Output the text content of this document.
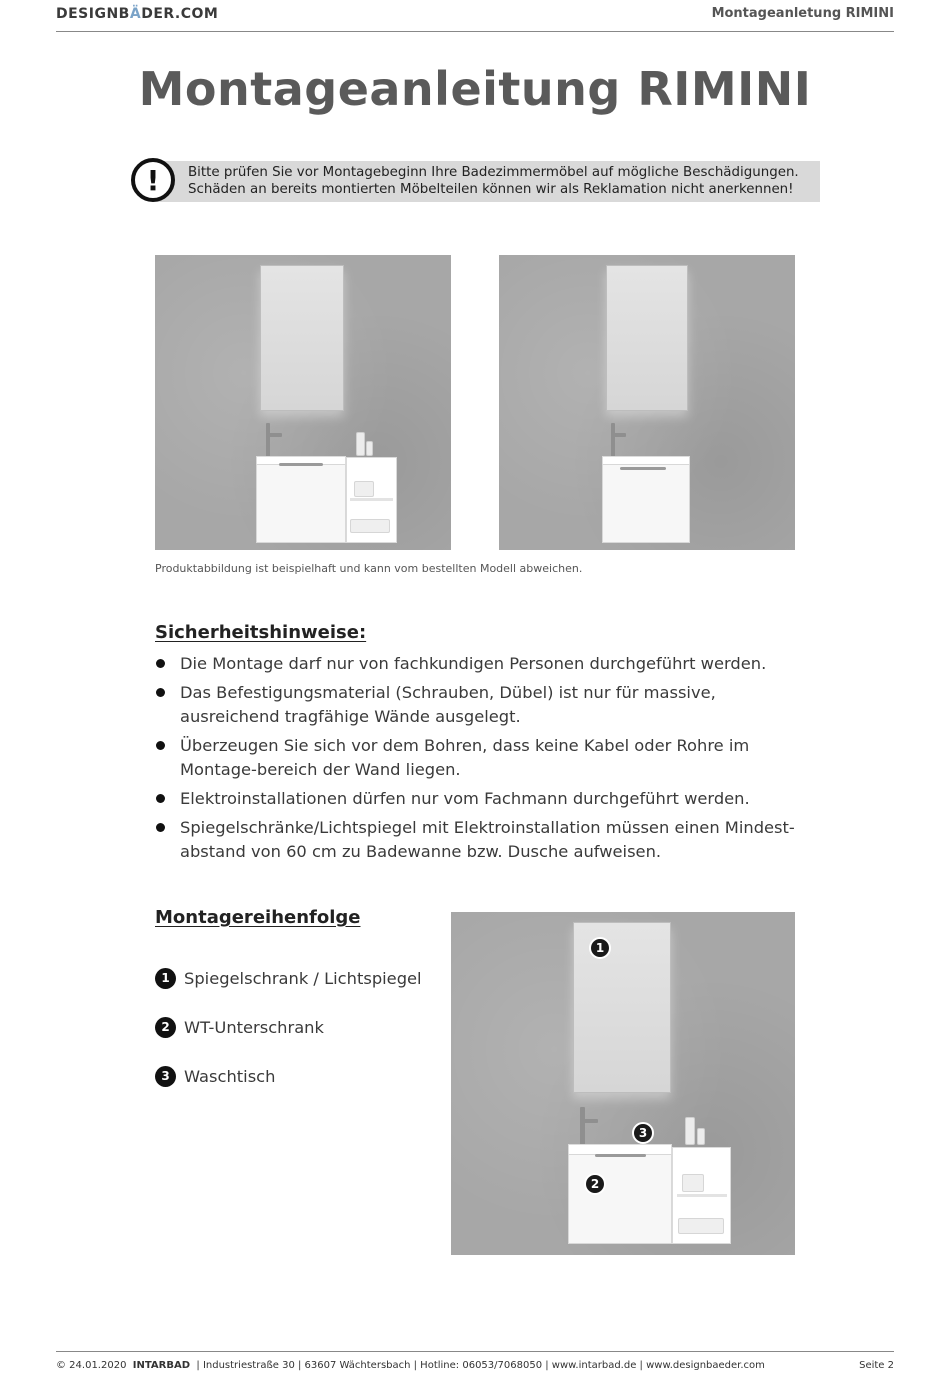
DESIGNBÄDER.COM	Montageanletung RIMINI
Montageanleitung RIMINI

Bitte prüfen Sie vor Montagebeginn Ihre Badezimmermöbel auf mögliche Beschädigungen.

Schäden an bereits montierten Möbelteilen können wir als Reklamation nicht anerkennen!

!
Produktabbildung ist beispielhaft und kann vom bestellten Modell abweichen.
Sicherheitshinweise:
Die Montage darf nur von fachkundigen Personen durchgeführt werden.
Das Befestigungsmaterial (Schrauben, Dübel) ist nur für massive, ausreichend tragfähige Wände ausgelegt.
Überzeugen Sie sich vor dem Bohren, dass keine Kabel oder Rohre im Montage-bereich der Wand liegen.
Elektroinstallationen dürfen nur vom Fachmann durchgeführt werden.
Spiegelschränke/Lichtspiegel mit Elektroinstallation müssen einen Mindest-abstand von 60 cm zu Badewanne bzw. Dusche aufweisen.
Montagereihenfolge
1 Spiegelschrank / Lichtspiegel
2 WT-Unterschrank
3 Waschtisch
1
3
2
© 24.01.2020 INTARBAD | Industriestraße 30 | 63607 Wächtersbach | Hotline: 06053/7068050 | www.intarbad.de | www.designbaeder.com	Seite 2
